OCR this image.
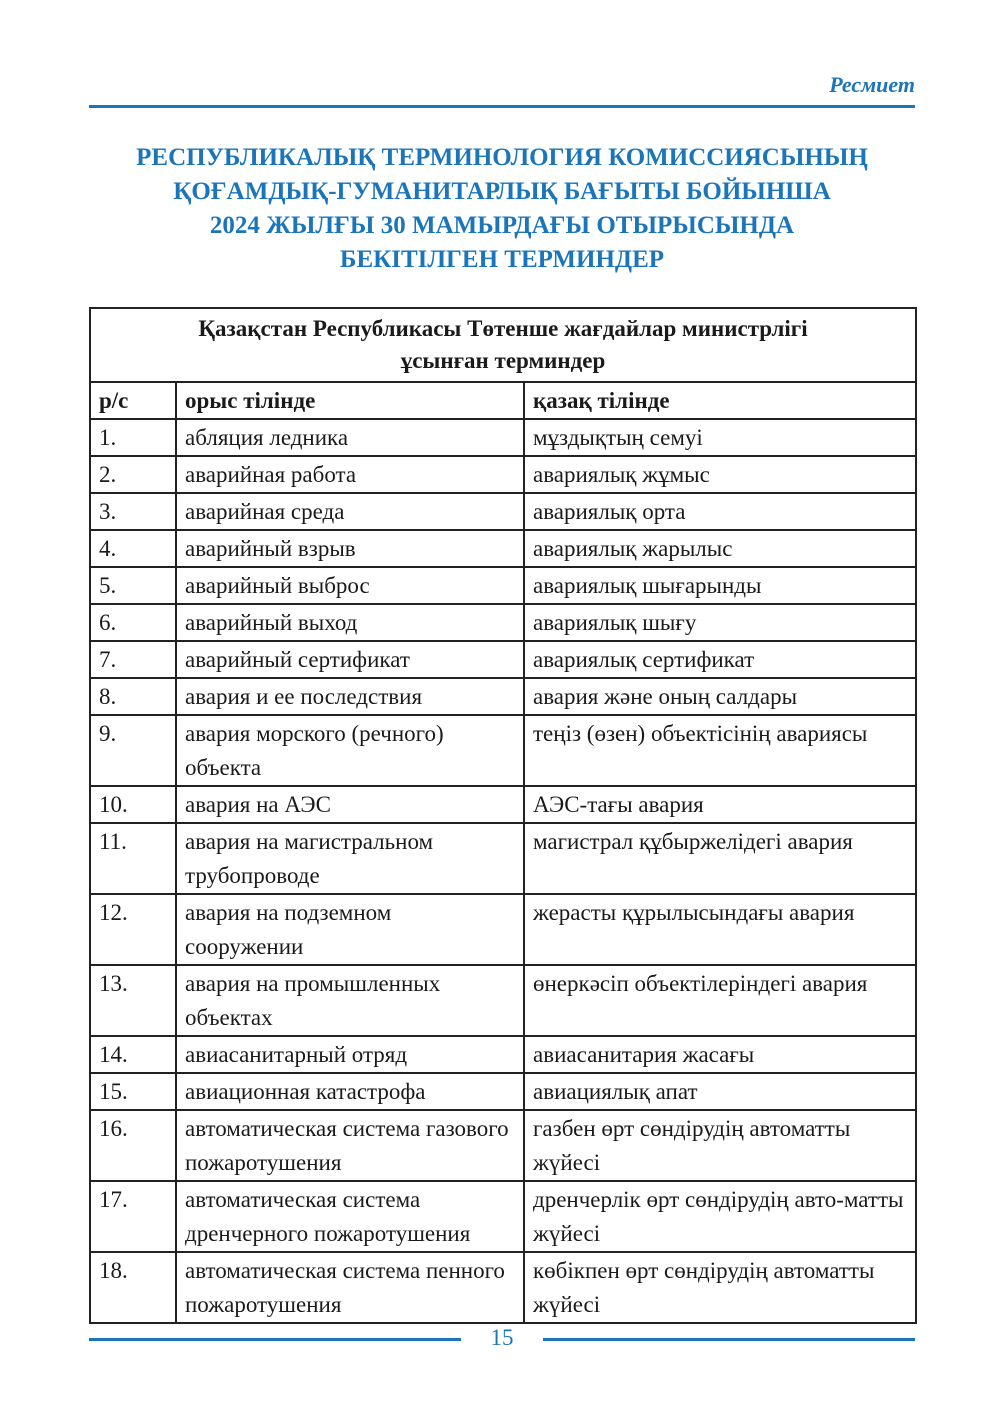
Ресмиет
РЕСПУБЛИКАЛЫҚ ТЕРМИНОЛОГИЯ КОМИССИЯСЫНЫҢ
ҚОҒАМДЫҚ-ГУМАНИТАРЛЫҚ БАҒЫТЫ БОЙЫНША
2024 ЖЫЛҒЫ 30 МАМЫРДАҒЫ ОТЫРЫСЫНДА
БЕКІТІЛГЕН ТЕРМИНДЕР
Қазақстан Республикасы Төтенше жағдайлар министрлігі
ұсынған терминдер		

р/с	орыс тілінде	қазақ тілінде
1.	абляция ледника	мұздықтың семуі
2.	аварийная работа	авариялық жұмыс
3.	аварийная среда	авариялық орта
4.	аварийный взрыв	авариялық жарылыс
5.	аварийный выброс	авариялық шығарынды
6.	аварийный выход	авариялық шығу
7.	аварийный сертификат	авариялық сертификат
8.	авария и ее последствия	авария және оның салдары
9.	авария морского (речного) объекта	теңіз (өзен) объектісінің авариясы
10.	авария на АЭС	АЭС-тағы авария
11.	авария на магистральном трубопроводе	магистрал құбыржелідегі авария
12.	авария на подземном сооружении	жерасты құрылысындағы авария
13.	авария на промышленных объектах	өнеркәсіп объектілеріндегі авария
14.	авиасанитарный отряд	авиасанитария жасағы
15.	авиационная катастрофа	авиациялық апат
16.	автоматическая система газового пожаротушения	газбен өрт сөндірудің автоматты жүйесі
17.	автоматическая система дренчерного пожаротушения	дренчерлік өрт сөндірудің авто-матты жүйесі
18.	автоматическая система пенного пожаротушения	көбікпен өрт сөндірудің автоматты жүйесі
15
